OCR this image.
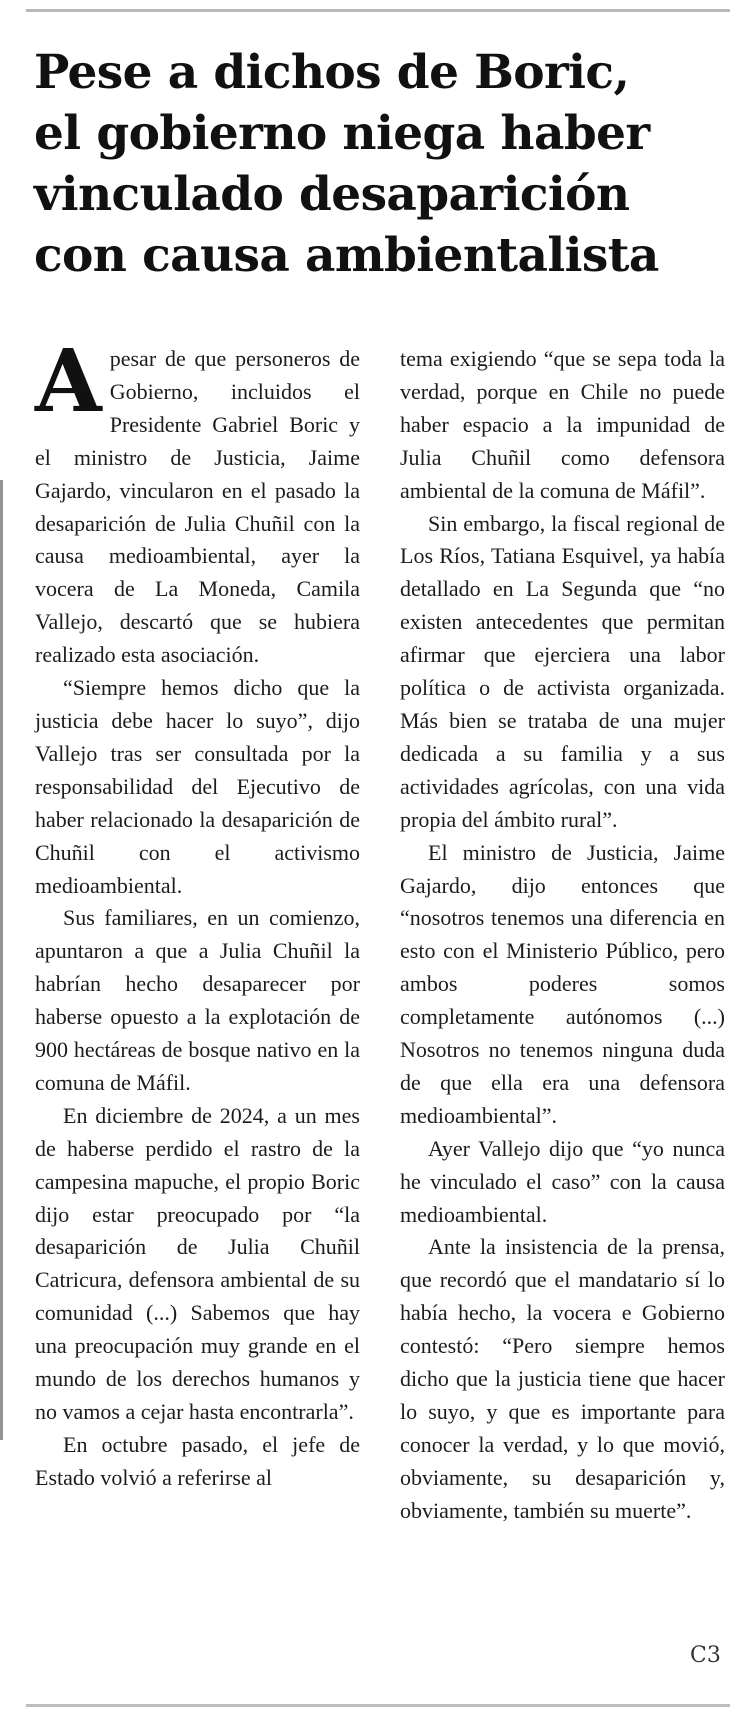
Pese a dichos de Boric,
el gobierno niega haber
vinculado desaparición
con causa ambientalista

Apesar de que personeros de Gobierno, incluidos el Presidente Gabriel Boric y el ministro de Justicia, Jaime Gajardo, vincularon en el pasado la desaparición de Julia Chuñil con la causa medioambiental, ayer la vocera de La Moneda, Camila Vallejo, descartó que se hubiera realizado esta asociación.

“Siempre hemos dicho que la justicia debe hacer lo suyo”, dijo Vallejo tras ser consultada por la responsabilidad del Ejecutivo de haber relacionado la desaparición de Chuñil con el activismo medioambiental.

Sus familiares, en un comienzo, apuntaron a que a Julia Chuñil la habrían hecho desaparecer por haberse opuesto a la explotación de 900 hectáreas de bosque nativo en la comuna de Máfil.

En diciembre de 2024, a un mes de haberse perdido el rastro de la campesina mapuche, el propio Boric dijo estar preocupado por “la desaparición de Julia Chuñil Catricura, defensora ambiental de su comunidad (...) Sabemos que hay una preocupación muy grande en el mundo de los derechos humanos y no vamos a cejar hasta encontrarla”.

En octubre pasado, el jefe de Estado volvió a referirse al

tema exigiendo “que se sepa toda la verdad, porque en Chile no puede haber espacio a la impunidad de Julia Chuñil como defensora ambiental de la comuna de Máfil”.

Sin embargo, la fiscal regional de Los Ríos, Tatiana Esquivel, ya había detallado en La Segunda que “no existen antecedentes que permitan afirmar que ejerciera una labor política o de activista organizada. Más bien se trataba de una mujer dedicada a su familia y a sus actividades agrícolas, con una vida propia del ámbito rural”.

El ministro de Justicia, Jaime Gajardo, dijo entonces que “nosotros tenemos una diferencia en esto con el Ministerio Público, pero ambos poderes somos completamente autónomos (...) Nosotros no tenemos ninguna duda de que ella era una defensora medioambiental”.

Ayer Vallejo dijo que “yo nunca he vinculado el caso” con la causa medioambiental.

Ante la insistencia de la prensa, que recordó que el mandatario sí lo había hecho, la vocera e Gobierno contestó: “Pero siempre hemos dicho que la justicia tiene que hacer lo suyo, y que es importante para conocer la verdad, y lo que movió, obviamente, su desaparición y, obviamente, también su muerte”.

C3
